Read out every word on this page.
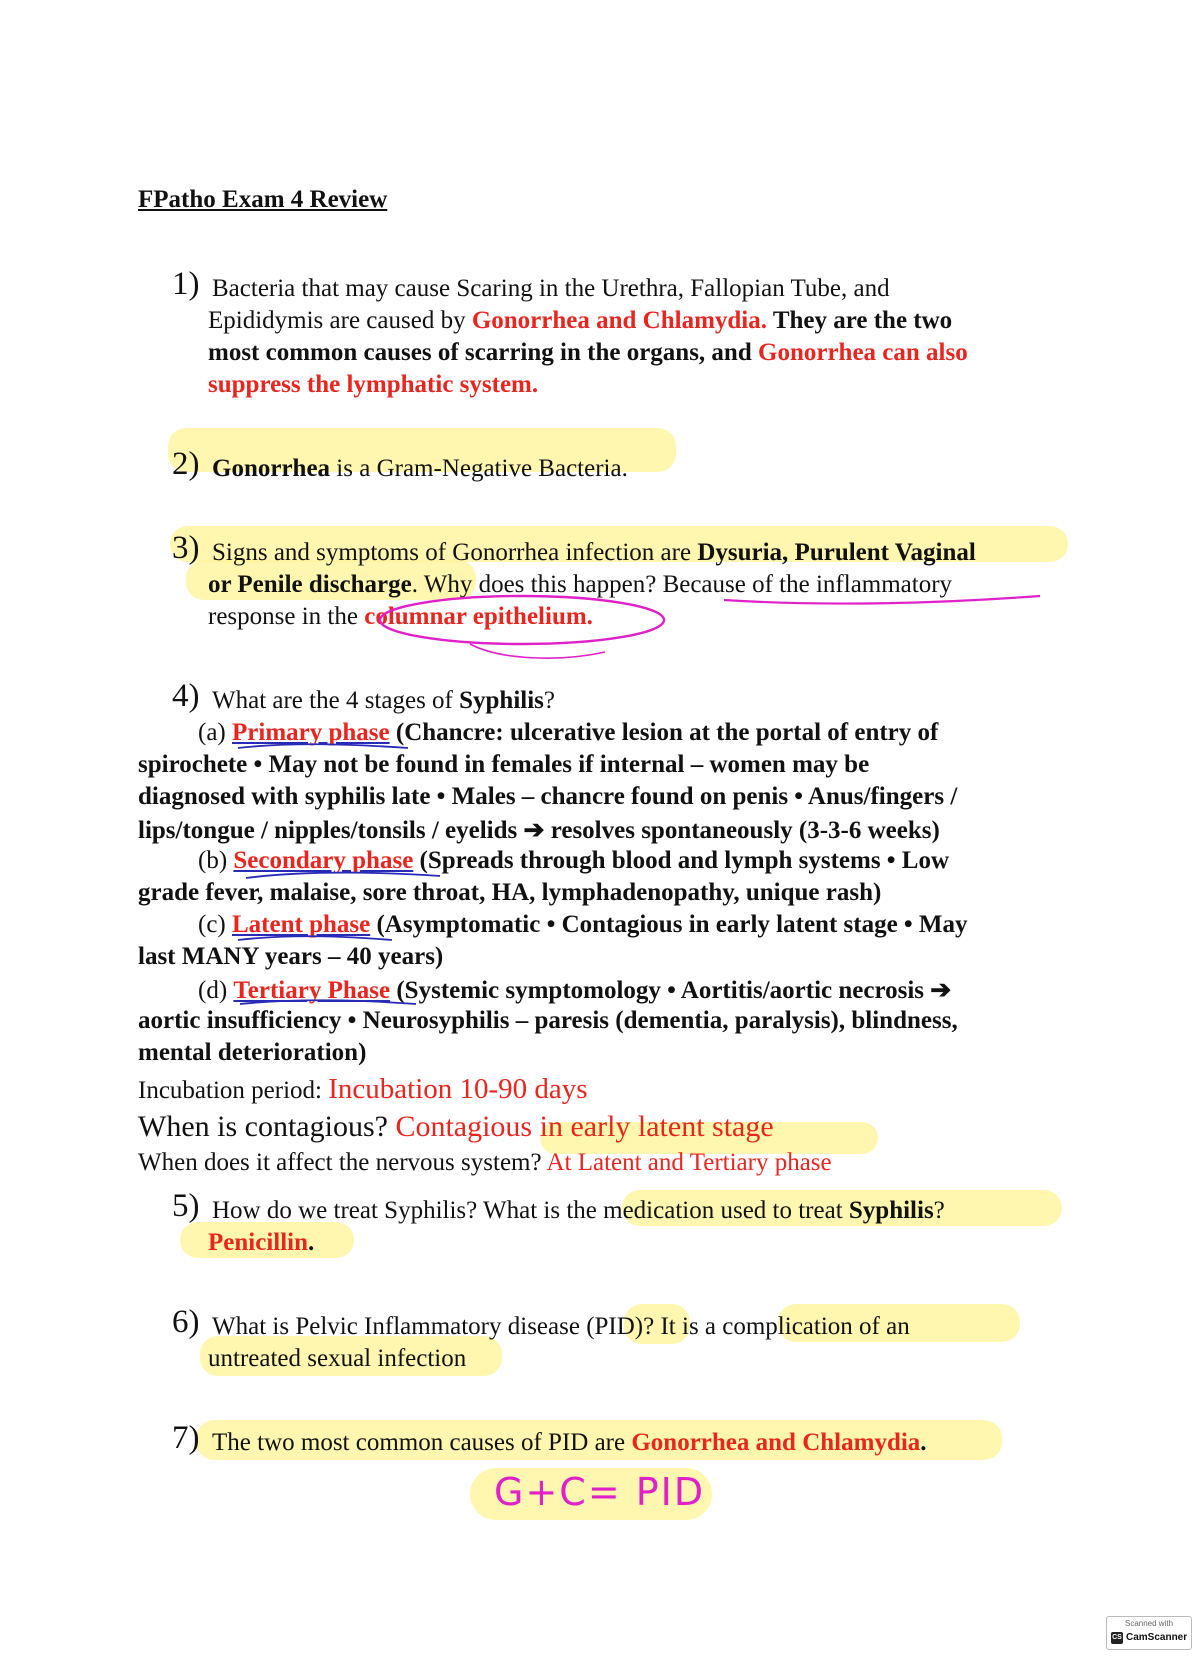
FPatho Exam 4 Review
1) Bacteria that may cause Scaring in the Urethra, Fallopian Tube, and
Epididymis are caused by Gonorrhea and Chlamydia. They are the two
most common causes of scarring in the organs, and Gonorrhea can also
suppress the lymphatic system.
2) Gonorrhea is a Gram-Negative Bacteria.
3) Signs and symptoms of Gonorrhea infection are Dysuria, Purulent Vaginal
or Penile discharge. Why does this happen? Because of the inflammatory
response in the columnar epithelium.
4) What are the 4 stages of Syphilis?
(a) Primary phase (Chancre: ulcerative lesion at the portal of entry of
spirochete • May not be found in females if internal – women may be
diagnosed with syphilis late • Males – chancre found on penis • Anus/fingers /
lips/tongue / nipples/tonsils / eyelids ➔ resolves spontaneously (3-3-6 weeks)
(b) Secondary phase (Spreads through blood and lymph systems • Low
grade fever, malaise, sore throat, HA, lymphadenopathy, unique rash)
(c) Latent phase (Asymptomatic • Contagious in early latent stage • May
last MANY years – 40 years)
(d) Tertiary Phase (Systemic symptomology • Aortitis/aortic necrosis ➔
aortic insufficiency • Neurosyphilis – paresis (dementia, paralysis), blindness,
mental deterioration)
Incubation period: Incubation 10-90 days
When is contagious? Contagious in early latent stage
When does it affect the nervous system? At Latent and Tertiary phase
5) How do we treat Syphilis? What is the medication used to treat Syphilis?
Penicillin.
6) What is Pelvic Inflammatory disease (PID)? It is a complication of an
untreated sexual infection
7) The two most common causes of PID are Gonorrhea and Chlamydia.
G+C= PID
Scanned with
CS CamScanner
